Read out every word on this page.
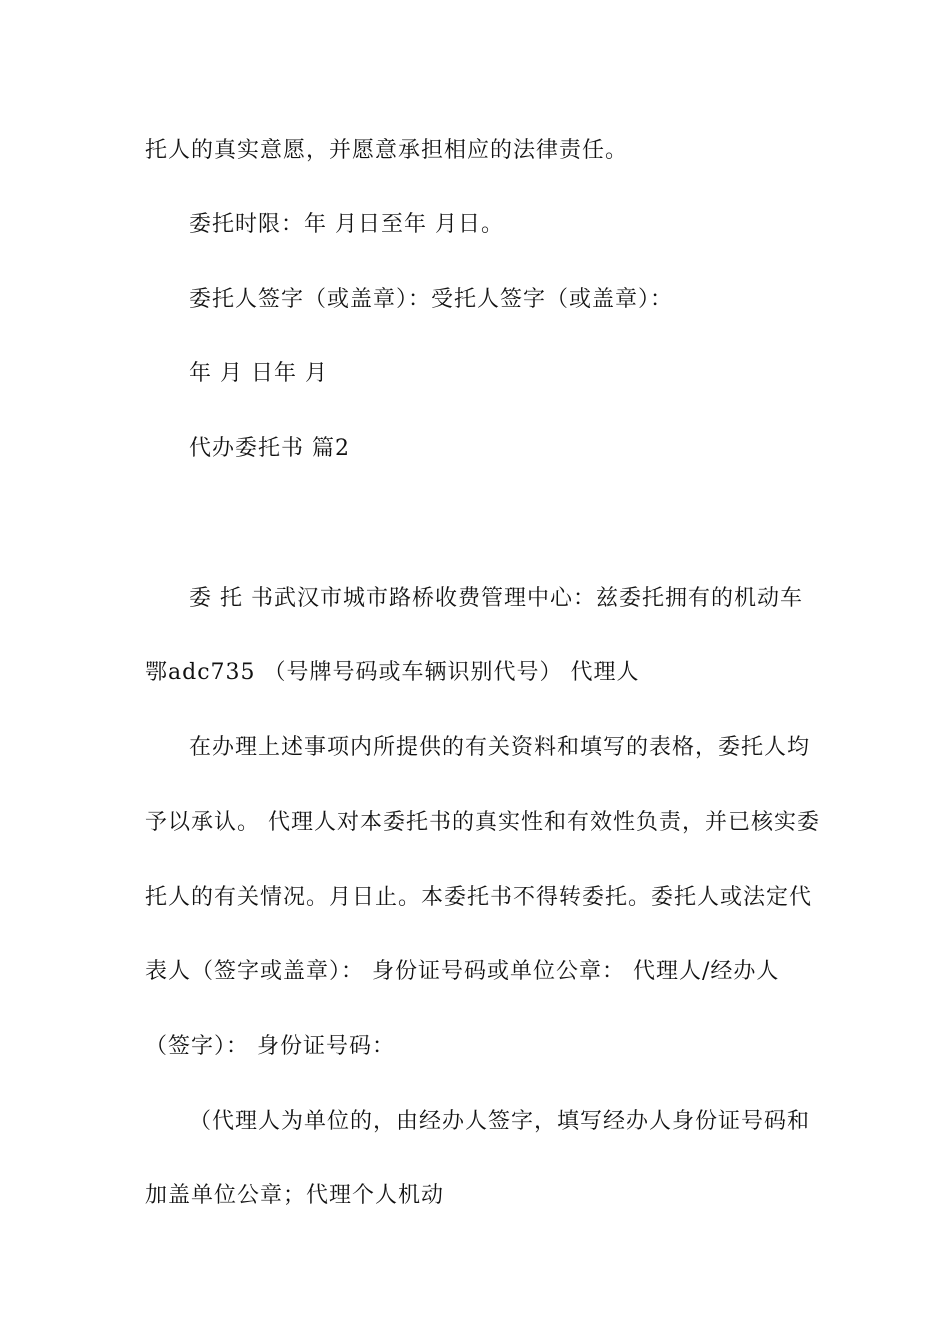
托人的真实意愿，并愿意承担相应的法律责任。
委托时限：年 月日至年 月日。
委托人签字（或盖章）：受托人签字（或盖章）：
年 月 日年 月
代办委托书 篇2
委 托 书武汉市城市路桥收费管理中心：兹委托拥有的机动车
鄂adc735 （号牌号码或车辆识别代号） 代理人
在办理上述事项内所提供的有关资料和填写的表格，委托人均
予以承认。 代理人对本委托书的真实性和有效性负责，并已核实委
托人的有关情况。月日止。本委托书不得转委托。委托人或法定代
表人（签字或盖章）： 身份证号码或单位公章： 代理人/经办人
（签字）： 身份证号码：
（代理人为单位的，由经办人签字，填写经办人身份证号码和
加盖单位公章；代理个人机动
